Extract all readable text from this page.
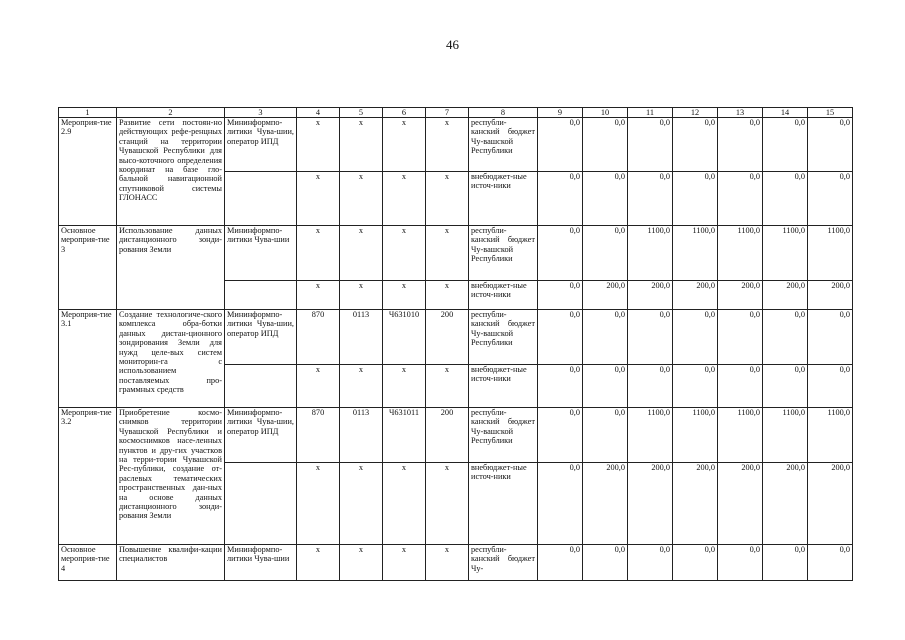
46
1	2	3	4	5	6	7	8	9	10	11	12	13	14	15
Мероприя-тие 2.9	Развитие сети постоян-но действующих рефе-ренцных станций на территории Чувашской Республики для высо-коточного определения координат на базе гло-бальной навигационной спутниковой системы ГЛОНАСС	Мининформпо-литики Чува-шии, оператор ИПД	x	x	x	x	республи-канский бюджет Чу-вашской Республики	0,0	0,0	0,0	0,0	0,0	0,0	0,0
			x	x	x	x	внебюджет-ные источ-ники	0,0	0,0	0,0	0,0	0,0	0,0	0,0
Основное мероприя-тие 3	Использование данных дистанционного зонди-рования Земли	Мининформпо-литики Чува-шии	x	x	x	x	республи-канский бюджет Чу-вашской Республики	0,0	0,0	1100,0	1100,0	1100,0	1100,0	1100,0
			x	x	x	x	внебюджет-ные источ-ники	0,0	200,0	200,0	200,0	200,0	200,0	200,0
Мероприя-тие 3.1	Создание технологиче-ского комплекса обра-ботки данных дистан-ционного зондирования Земли для нужд целе-вых систем мониторин-га с использованием поставляемых про-граммных средств	Мининформпо-литики Чува-шии, оператор ИПД	870	0113	Ч631010	200	республи-канский бюджет Чу-вашской Республики	0,0	0,0	0,0	0,0	0,0	0,0	0,0
			x	x	x	x	внебюджет-ные источ-ники	0,0	0,0	0,0	0,0	0,0	0,0	0,0
Мероприя-тие 3.2	Приобретение космо-снимков территории Чувашской Республики и космоснимков насе-ленных пунктов и дру-гих участков на терри-тории Чувашской Рес-публики, создание от-раслевых тематических пространственных дан-ных на основе данных дистанционного зонди-рования Земли	Мининформпо-литики Чува-шии, оператор ИПД	870	0113	Ч631011	200	республи-канский бюджет Чу-вашской Республики	0,0	0,0	1100,0	1100,0	1100,0	1100,0	1100,0
			x	x	x	x	внебюджет-ные источ-ники	0,0	200,0	200,0	200,0	200,0	200,0	200,0
Основное мероприя-тие 4	Повышение квалифи-кации специалистов	Мининформпо-литики Чува-шии	x	x	x	x	республи-канский бюджет Чу-	0,0	0,0	0,0	0,0	0,0	0,0	0,0
